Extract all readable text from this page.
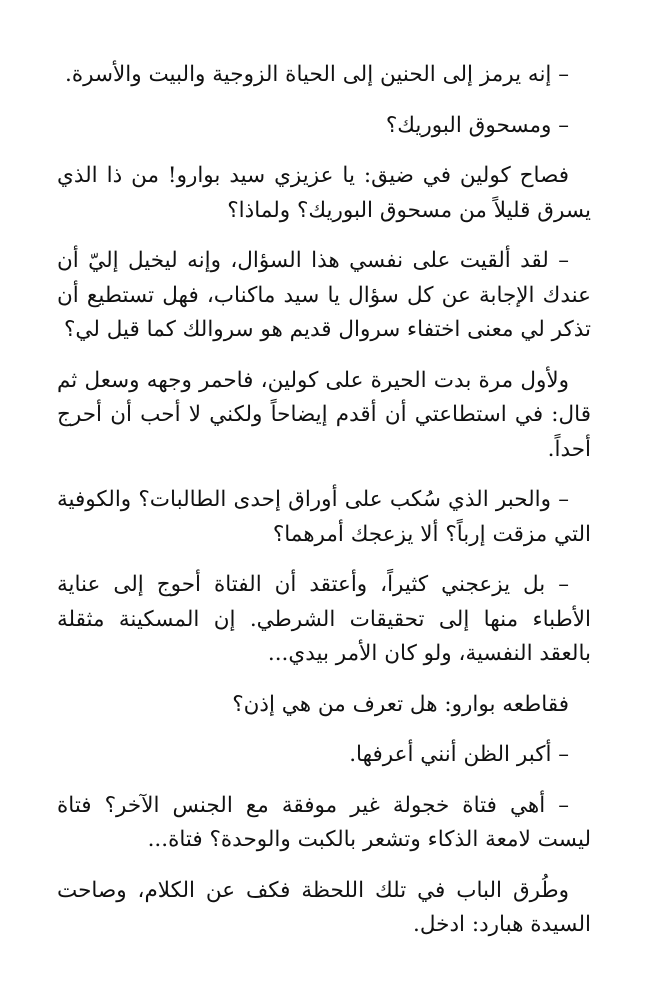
– إنه يرمز إلى الحنين إلى الحياة الزوجية والبيت والأسرة.

– ومسحوق البوريك؟

فصاح كولين في ضيق: يا عزيزي سيد بوارو! من ذا الذي يسرق قليلاً من مسحوق البوريك؟ ولماذا؟

– لقد ألقيت على نفسي هذا السؤال، وإنه ليخيل إليّ أن عندك الإجابة عن كل سؤال يا سيد ماكناب، فهل تستطيع أن تذكر لي معنى اختفاء سروال قديم هو سروالك كما قيل لي؟

ولأول مرة بدت الحيرة على كولين، فاحمر وجهه وسعل ثم قال: في استطاعتي أن أقدم إيضاحاً ولكني لا أحب أن أحرج أحداً.

– والحبر الذي سُكب على أوراق إحدى الطالبات؟ والكوفية التي مزقت إرباً؟ ألا يزعجك أمرهما؟

– بل يزعجني كثيراً، وأعتقد أن الفتاة أحوج إلى عناية الأطباء منها إلى تحقيقات الشرطي. إن المسكينة مثقلة بالعقد النفسية، ولو كان الأمر بيدي...

فقاطعه بوارو: هل تعرف من هي إذن؟

– أكبر الظن أنني أعرفها.

– أهي فتاة خجولة غير موفقة مع الجنس الآخر؟ فتاة ليست لامعة الذكاء وتشعر بالكبت والوحدة؟ فتاة...

وطُرق الباب في تلك اللحظة فكف عن الكلام، وصاحت السيدة هبارد: ادخل.
